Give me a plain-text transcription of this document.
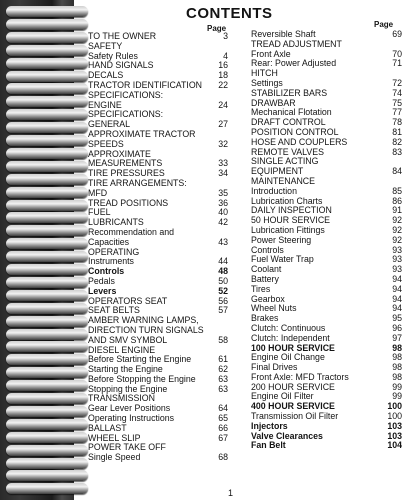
CONTENTS
Page	Page
TO THE OWNER	3
SAFETY
Safety Rules	4
HAND SIGNALS	16
DECALS	18
TRACTOR IDENTIFICATION 22
SPECIFICATIONS:
ENGINE	24
SPECIFICATIONS:
GENERAL	27
APPROXIMATE TRACTOR
SPEEDS	32
APPROXIMATE
MEASUREMENTS	33
TIRE PRESSURES	34
TIRE ARRANGEMENTS:
MFD	35
TREAD POSITIONS	36
FUEL	40
LUBRICANTS	42
Recommendation and
Capacities	43
OPERATING
Instruments	44
Controls	48
Pedals	50
Levers	52
OPERATORS SEAT	56
SEAT BELTS	57
AMBER WARNING LAMPS,
DIRECTION TURN SIGNALS
AND SMV SYMBOL	58
DIESEL ENGINE
Before Starting the Engine	61
Starting the Engine	62
Before Stopping the Engine	63
Stopping the Engine	63
TRANSMISSION
Gear Lever Positions	64
Operating Instructions	65
BALLAST	66
WHEEL SLIP	67
POWER TAKE OFF
Single Speed	68
Reversible Shaft	69
TREAD ADJUSTMENT
Front Axle	70
Rear: Power Adjusted	71
HITCH
Settings	72
STABILIZER BARS	74
DRAWBAR	75
Mechanical Flotation	77
DRAFT CONTROL	78
POSITION CONTROL	81
HOSE AND COUPLERS	82
REMOTE VALVES	83
SINGLE ACTING
EQUIPMENT	84
MAINTENANCE
Introduction	85
Lubrication Charts	86
DAILY INSPECTION	91
50 HOUR SERVICE	92
Lubrication Fittings	92
Power Steering	92
Controls	93
Fuel Water Trap	93
Coolant	93
Battery	94
Tires	94
Gearbox	94
Wheel Nuts	94
Brakes	95
Clutch: Continuous	96
Clutch: Independent	97
100 HOUR SERVICE	98
Engine Oil Change	98
Final Drives	98
Front Axle: MFD Tractors	98
200 HOUR SERVICE	99
Engine Oil Filter	99
400 HOUR SERVICE	100
Transmission Oil Filter	100
Injectors	103
Valve Clearances	103
Fan Belt	104
1
